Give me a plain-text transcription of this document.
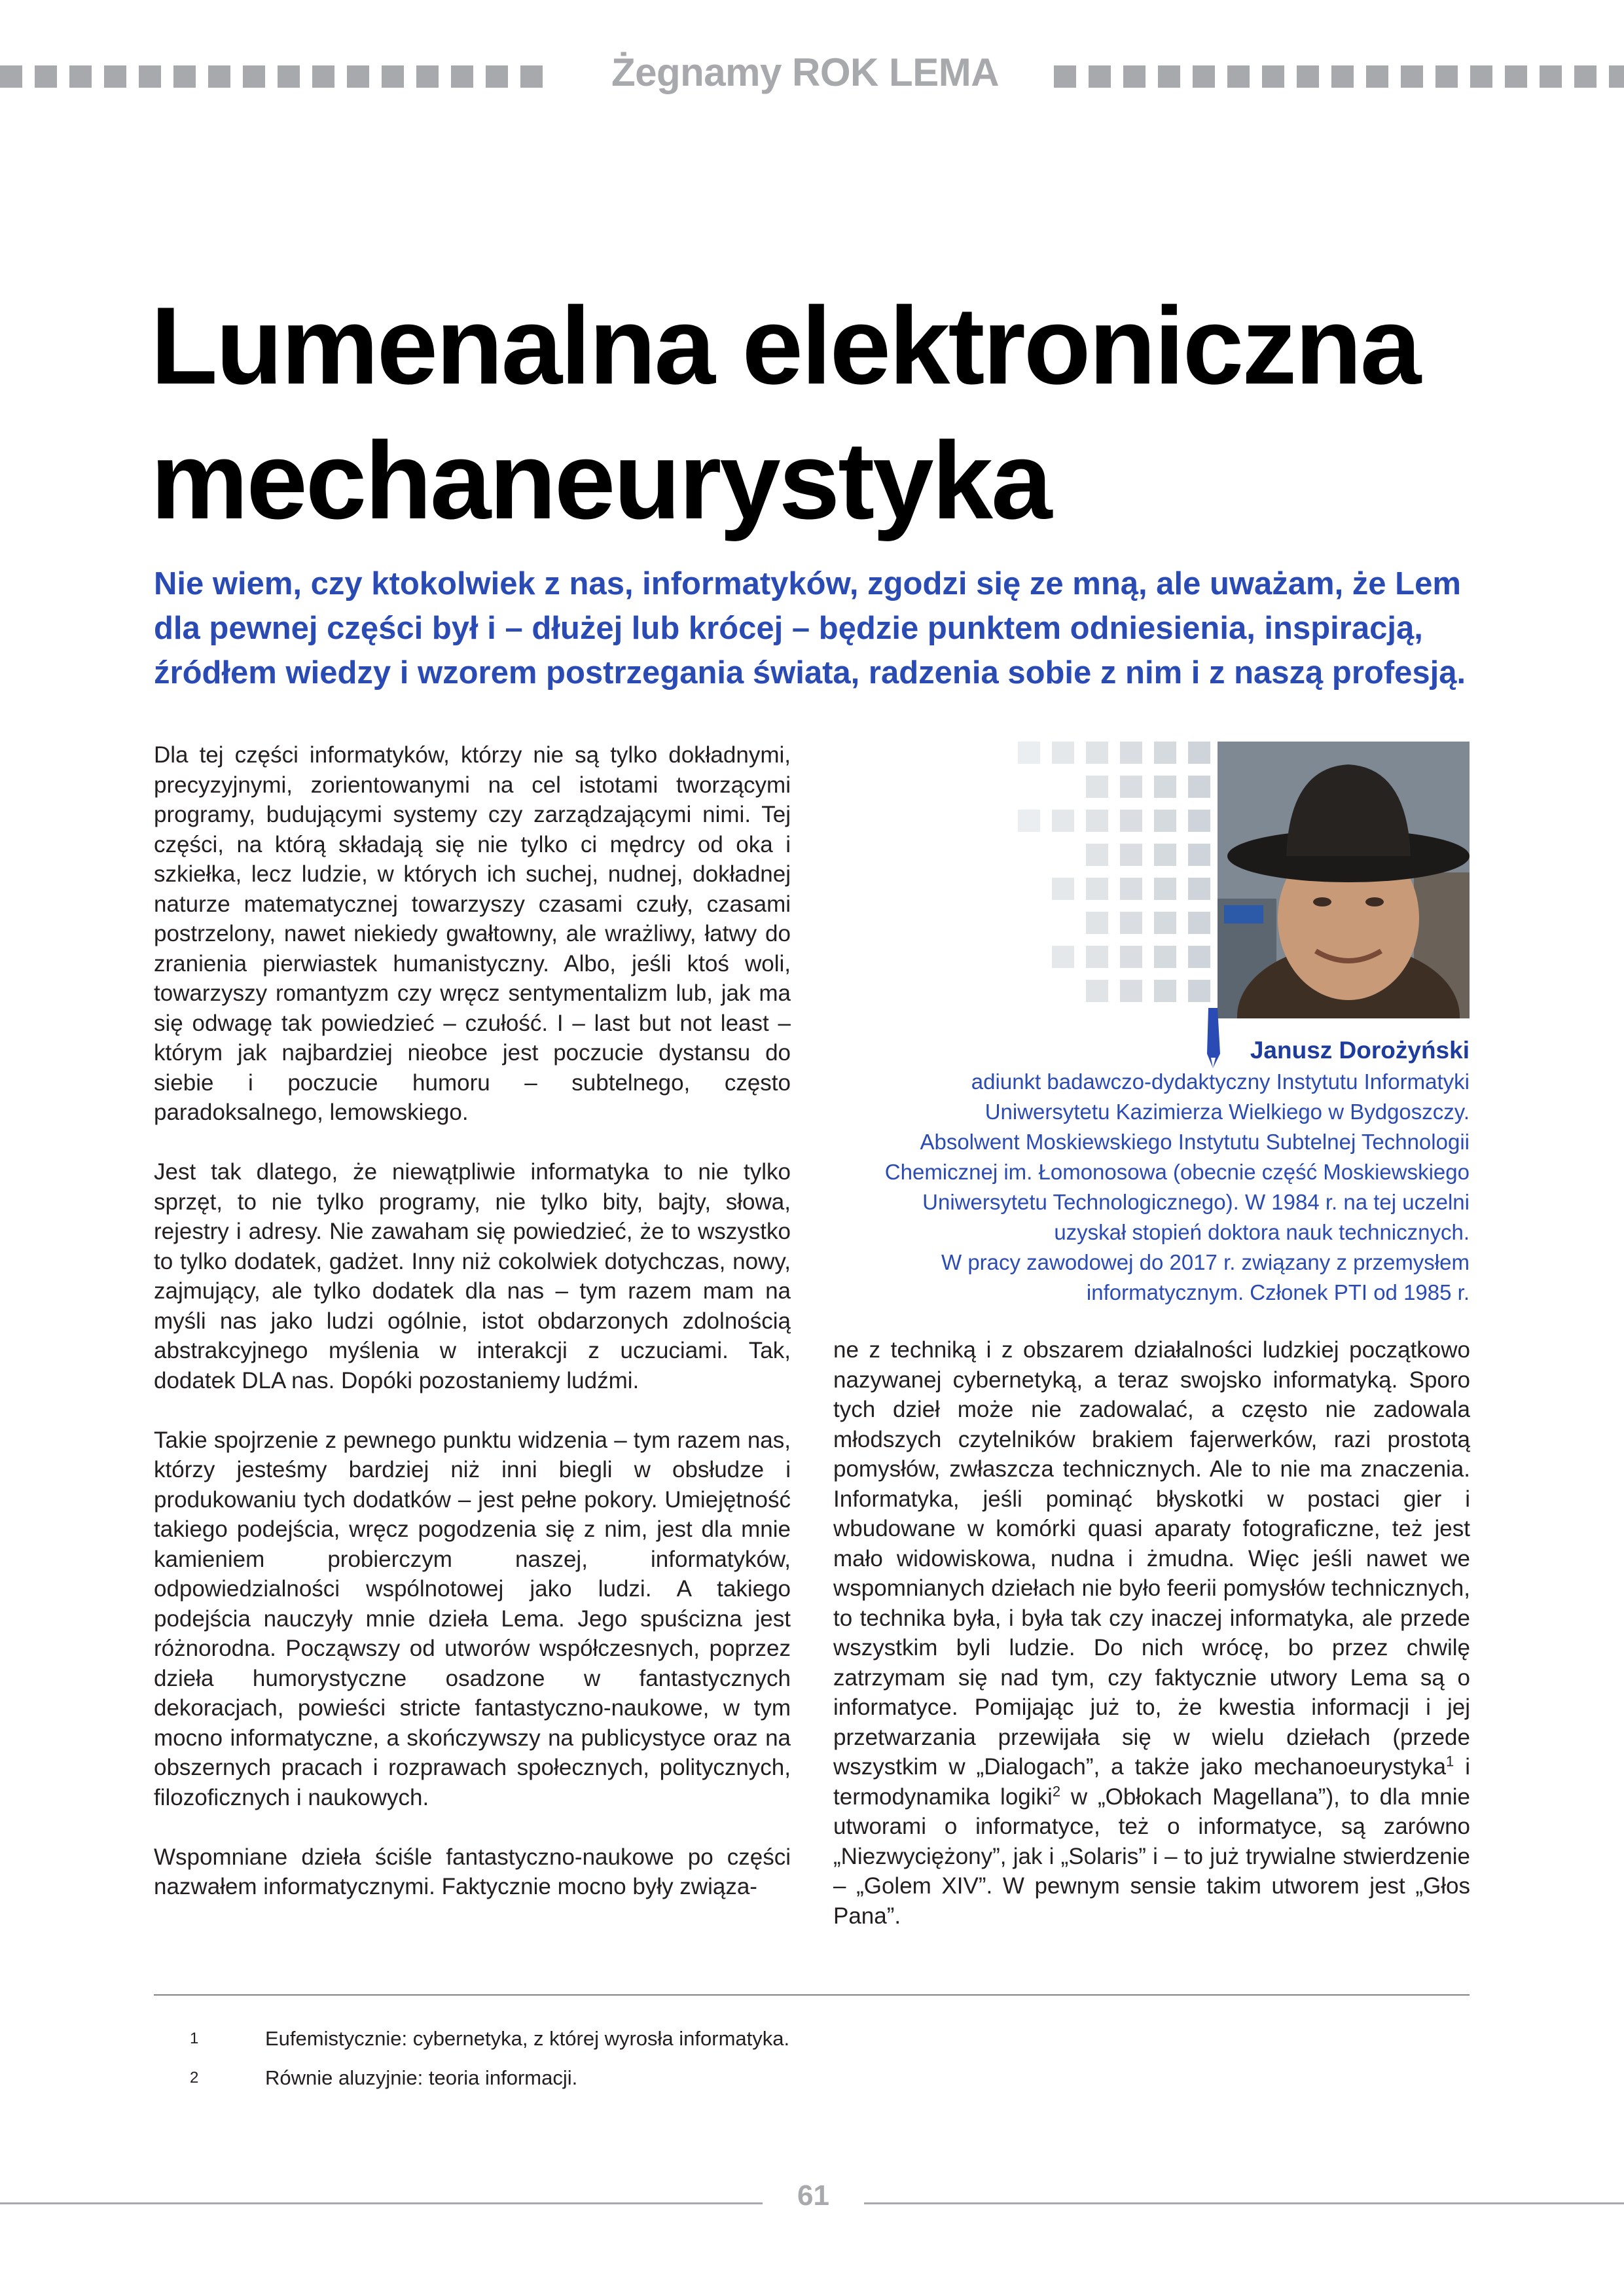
Żegnamy ROK LEMA
Lumenalna elektroniczna
mechaneurystyka
Nie wiem, czy ktokolwiek z nas, informatyków, zgodzi się ze mną, ale uważam, że Lem
dla pewnej części był i – dłużej lub krócej – będzie punktem odniesienia, inspiracją,
źródłem wiedzy i wzorem postrzegania świata, radzenia sobie z nim i z naszą profesją.

Dla tej części informatyków, którzy nie są tylko dokładnymi, precyzyjnymi, zorientowanymi na cel istotami tworzącymi programy, budującymi systemy czy zarządzającymi nimi. Tej części, na którą składają się nie tylko ci mędrcy od oka i szkiełka, lecz ludzie, w których ich suchej, nudnej, dokładnej naturze matematycznej towarzyszy czasami czuły, czasami postrzelony, nawet niekiedy gwałtowny, ale wrażliwy, łatwy do zranienia pierwiastek humanistyczny. Albo, jeśli ktoś woli, towarzyszy romantyzm czy wręcz sentymentalizm lub, jak ma się odwagę tak powiedzieć – czułość. I – last but not least – którym jak najbardziej nieobce jest poczucie dystansu do siebie i poczucie humoru – subtelnego, często paradoksalnego, lemowskiego.

Jest tak dlatego, że niewątpliwie informatyka to nie tylko sprzęt, to nie tylko programy, nie tylko bity, bajty, słowa, rejestry i adresy. Nie zawaham się powiedzieć, że to wszystko to tylko dodatek, gadżet. Inny niż cokolwiek dotychczas, nowy, zajmujący, ale tylko dodatek dla nas – tym razem mam na myśli nas jako ludzi ogólnie, istot obdarzonych zdolnością abstrakcyjnego myślenia w interakcji z uczuciami. Tak, dodatek DLA nas. Dopóki pozostaniemy ludźmi.

Takie spojrzenie z pewnego punktu widzenia – tym razem nas, którzy jesteśmy bardziej niż inni biegli w obsłudze i produkowaniu tych dodatków – jest pełne pokory. Umiejętność takiego podejścia, wręcz pogodzenia się z nim, jest dla mnie kamieniem probierczym naszej, informatyków, odpowiedzialności wspólnotowej jako ludzi. A takiego podejścia nauczyły mnie dzieła Lema. Jego spuścizna jest różnorodna. Począwszy od utworów współczesnych, poprzez dzieła humorystyczne osadzone w fantastycznych dekoracjach, powieści stricte fantastyczno-naukowe, w tym mocno informatyczne, a skończywszy na publicystyce oraz na obszernych pracach i rozprawach społecznych, politycznych, filozoficznych i naukowych.

Wspomniane dzieła ściśle fantastyczno-naukowe po części nazwałem informatycznymi. Faktycznie mocno były związa-

Janusz Dorożyński
adiunkt badawczo-dydaktyczny Instytutu Informatyki
Uniwersytetu Kazimierza Wielkiego w Bydgoszczy.
Absolwent Moskiewskiego Instytutu Subtelnej Technologii
Chemicznej im. Łomonosowa (obecnie część Moskiewskiego
Uniwersytetu Technologicznego). W 1984 r. na tej uczelni
uzyskał stopień doktora nauk technicznych.
W pracy zawodowej do 2017 r. związany z przemysłem
informatycznym. Członek PTI od 1985 r.

ne z techniką i z obszarem działalności ludzkiej początkowo nazywanej cybernetyką, a teraz swojsko informatyką. Sporo tych dzieł może nie zadowalać, a często nie zadowala młodszych czytelników brakiem fajerwerków, razi prostotą pomysłów, zwłaszcza technicznych. Ale to nie ma znaczenia. Informatyka, jeśli pominąć błyskotki w postaci gier i wbudowane w komórki quasi aparaty fotograficzne, też jest mało widowiskowa, nudna i żmudna. Więc jeśli nawet we wspomnianych dziełach nie było feerii pomysłów technicznych, to technika była, i była tak czy inaczej informatyka, ale przede wszystkim byli ludzie. Do nich wrócę, bo przez chwilę zatrzymam się nad tym, czy faktycznie utwory Lema są o informatyce. Pomijając już to, że kwestia informacji i jej przetwarzania przewijała się w wielu dziełach (przede wszystkim w „Dialogach”, a także jako mechanoeurystyka$^1$ i termodynamika logiki$^2$ w „Obłokach Magellana”), to dla mnie utworami o informatyce, też o informatyce, są zarówno „Niezwyciężony”, jak i „Solaris” i – to już trywialne stwierdzenie – „Golem XIV”. W pewnym sensie takim utworem jest „Głos Pana”.

1	Eufemistycznie: cybernetyka, z której wyrosła informatyka.
2	Równie aluzyjnie: teoria informacji.
61
